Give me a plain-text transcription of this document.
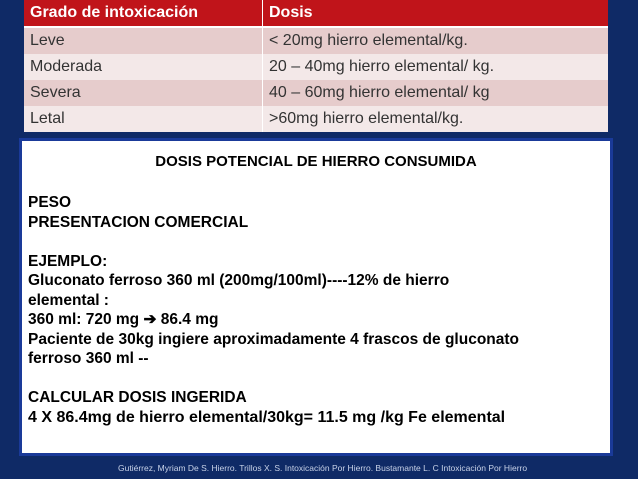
Grado de intoxicación	Dosis
Leve	< 20mg hierro elemental/kg.
Moderada	20 – 40mg hierro elemental/ kg.
Severa	40 – 60mg hierro elemental/ kg
Letal	>60mg hierro elemental/kg.
DOSIS POTENCIAL DE HIERRO CONSUMIDA
PESO
PRESENTACION COMERCIAL
EJEMPLO:
Gluconato ferroso 360 ml (200mg/100ml)----12% de hierro
elemental :
360 ml: 720 mg ➔ 86.4 mg
Paciente de 30kg ingiere aproximadamente 4 frascos de gluconato
ferroso 360 ml --
CALCULAR DOSIS INGERIDA
4 X 86.4mg de hierro elemental/30kg= 11.5 mg /kg Fe elemental
Gutiérrez, Myriam De S. Hierro. Trillos X. S. Intoxicación Por Hierro. Bustamante L. C Intoxicación Por Hierro
